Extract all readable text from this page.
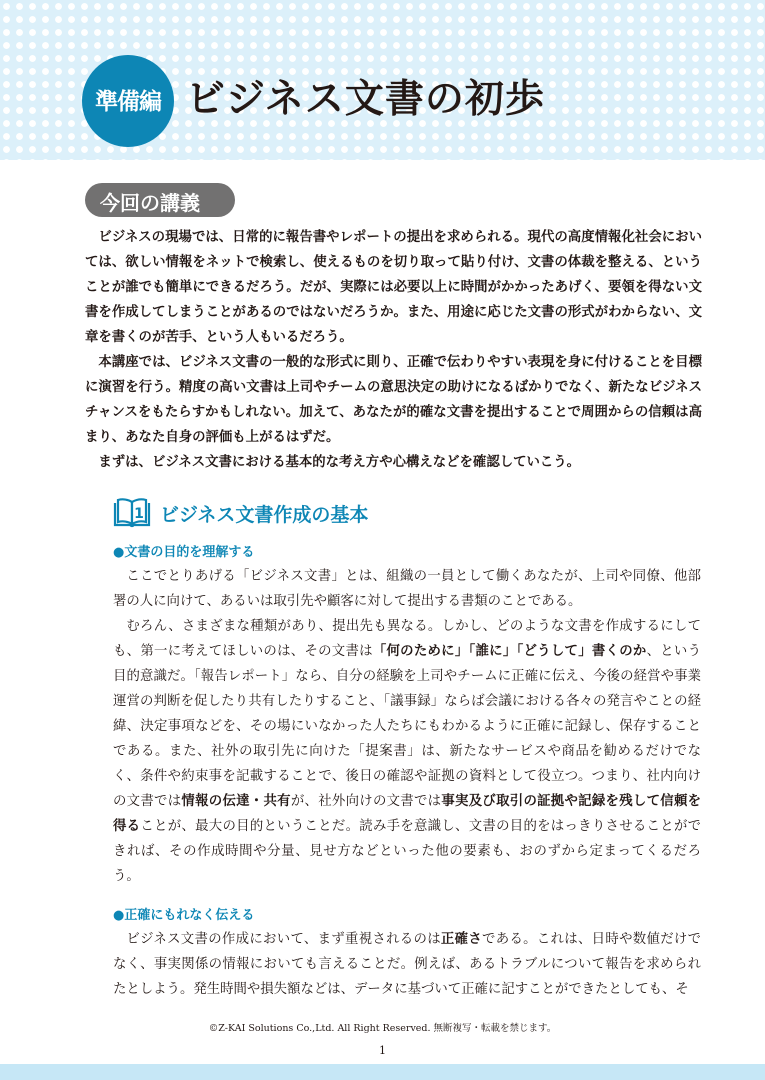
準備編 ビジネス文書の初歩
今回の講義

ビジネスの現場では、日常的に報告書やレポートの提出を求められる。現代の高度情報化社会においては、欲しい情報をネットで検索し、使えるものを切り取って貼り付け、文書の体裁を整える、ということが誰でも簡単にできるだろう。だが、実際には必要以上に時間がかかったあげく、要領を得ない文書を作成してしまうことがあるのではないだろうか。また、用途に応じた文書の形式がわからない、文章を書くのが苦手、という人もいるだろう。

本講座では、ビジネス文書の一般的な形式に則り、正確で伝わりやすい表現を身に付けることを目標に演習を行う。精度の高い文書は上司やチームの意思決定の助けになるばかりでなく、新たなビジネスチャンスをもたらすかもしれない。加えて、あなたが的確な文書を提出することで周囲からの信頼は高まり、あなた自身の評価も上がるはずだ。

まずは、ビジネス文書における基本的な考え方や心構えなどを確認していこう。

1 ビジネス文書作成の基本

●文書の目的を理解する

ここでとりあげる「ビジネス文書」とは、組織の一員として働くあなたが、上司や同僚、他部署の人に向けて、あるいは取引先や顧客に対して提出する書類のことである。

むろん、さまざまな種類があり、提出先も異なる。しかし、どのような文書を作成するにしても、第一に考えてほしいのは、その文書は「何のために」「誰に」「どうして」書くのか、という目的意識だ。「報告レポート」なら、自分の経験を上司やチームに正確に伝え、今後の経営や事業運営の判断を促したり共有したりすること、「議事録」ならば会議における各々の発言やことの経緯、決定事項などを、その場にいなかった人たちにもわかるように正確に記録し、保存することである。また、社外の取引先に向けた「提案書」は、新たなサービスや商品を勧めるだけでなく、条件や約束事を記載することで、後日の確認や証拠の資料として役立つ。つまり、社内向けの文書では情報の伝達・共有が、社外向けの文書では事実及び取引の証拠や記録を残して信頼を得ることが、最大の目的ということだ。読み手を意識し、文書の目的をはっきりさせることができれば、その作成時間や分量、見せ方などといった他の要素も、おのずから定まってくるだろう。

●正確にもれなく伝える

ビジネス文書の作成において、まず重視されるのは正確さである。これは、日時や数値だけでなく、事実関係の情報においても言えることだ。例えば、あるトラブルについて報告を求められたとしよう。発生時間や損失額などは、データに基づいて正確に記すことができたとしても、そ

©Z-KAI Solutions Co.,Ltd. All Right Reserved. 無断複写・転載を禁じます。
1
